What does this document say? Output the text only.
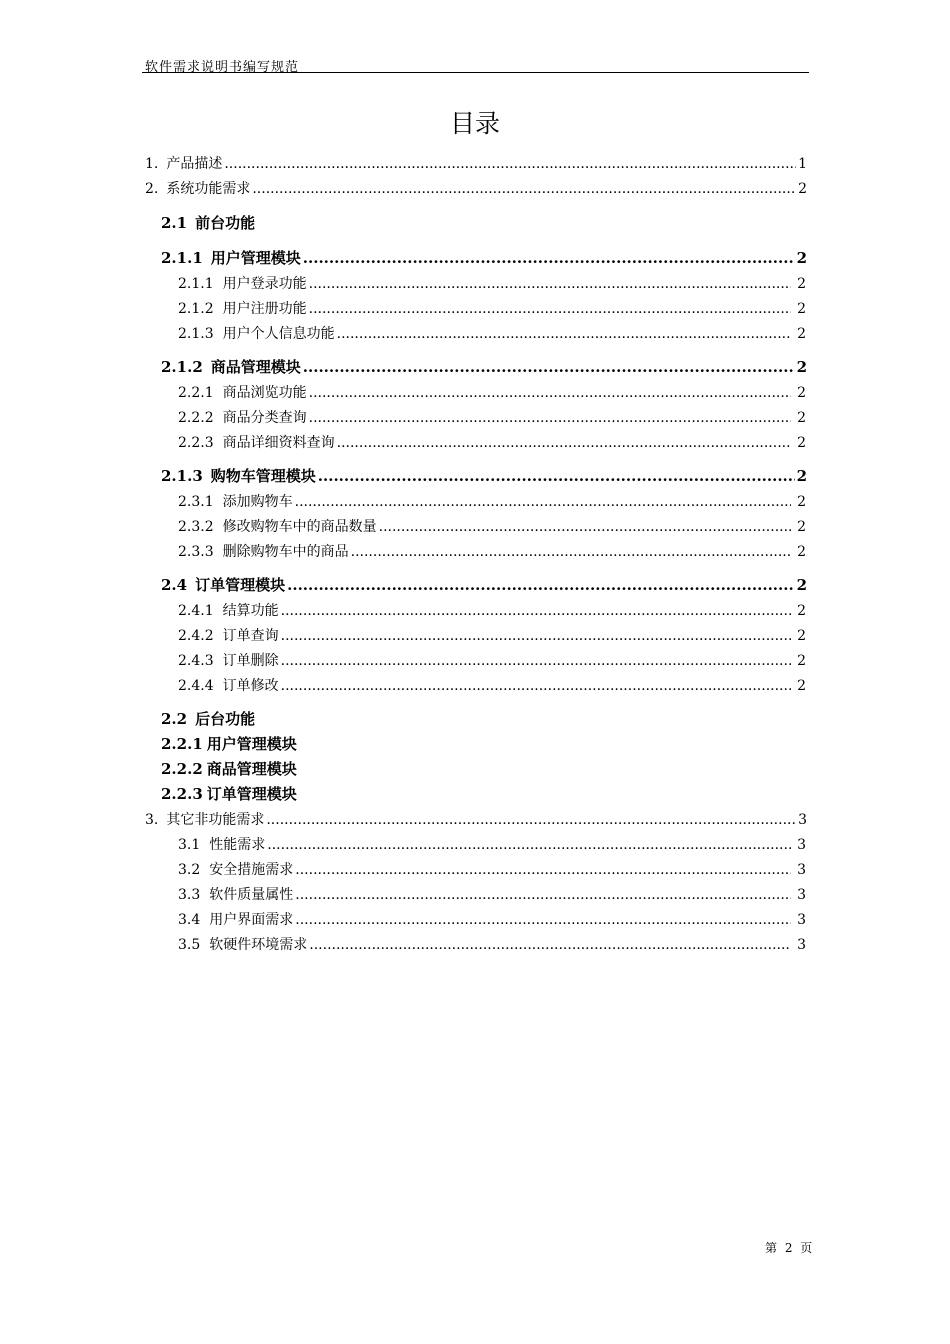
软件需求说明书编写规范
目录
1. 产品描述 .....	1
2. 系统功能需求 .....	2
2.1 前台功能
2.1.1 用户管理模块 .....	2
2.1.1 用户登录功能 .....	2
2.1.2 用户注册功能 .....	2
2.1.3 用户个人信息功能 .....	2
2.1.2 商品管理模块 .....	2
2.2.1 商品浏览功能 .....	2
2.2.2 商品分类查询 .....	2
2.2.3 商品详细资料查询 .....	2
2.1.3 购物车管理模块 .....	2
2.3.1 添加购物车 .....	2
2.3.2 修改购物车中的商品数量 .....	2
2.3.3 删除购物车中的商品 .....	2
2.4 订单管理模块 .....	2
2.4.1 结算功能 .....	2
2.4.2 订单查询 .....	2
2.4.3 订单删除 .....	2
2.4.4 订单修改 .....	2
2.2 后台功能
2.2.1 用户管理模块
2.2.2 商品管理模块
2.2.3 订单管理模块
3. 其它非功能需求 .....	3
3.1 性能需求 .....	3
3.2 安全措施需求 .....	3
3.3 软件质量属性 .....	3
3.4 用户界面需求 .....	3
3.5 软硬件环境需求 .....	3
第 2 页
